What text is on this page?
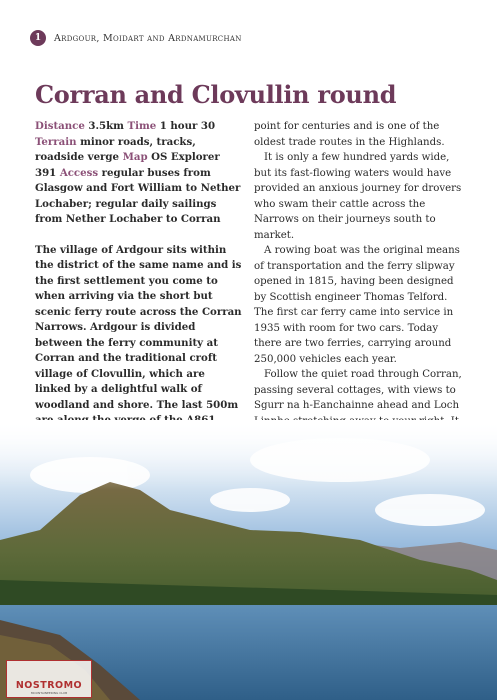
1	Ardgour, Moidart and Ardnamurchan
Corran and Clovullin round

Distance 3.5km Time 1 hour 30 Terrain minor roads, tracks, roadside verge Map OS Explorer 391 Access regular buses from Glasgow and Fort William to Nether Lochaber; regular daily sailings from Nether Lochaber to Corran

The village of Ardgour sits within the district of the same name and is the first settlement you come to when arriving via the short but scenic ferry route across the Corran Narrows. Ardgour is divided between the ferry community at Corran and the traditional croft village of Clovullin, which are linked by a delightful walk of woodland and shore. The last 500m

point for centuries and is one of the oldest trade routes in the Highlands.

It is only a few hundred yards wide, but its fast-flowing waters would have provided an anxious journey for drovers who swam their cattle across the Narrows on their journeys south to market.

A rowing boat was the original means of transportation and the ferry slipway opened in 1815, having been designed by Scottish engineer Thomas Telford. The first car ferry came into service in 1935 with room for two cars. Today there are two ferries, carrying around 250,000 vehicles each year.

Follow the quiet road through Corran, passing several cottages, with views to Sgurr na h-Eanchainne ahead and Loch

NOSTROMO
MOUNTAINEERING CLUB
